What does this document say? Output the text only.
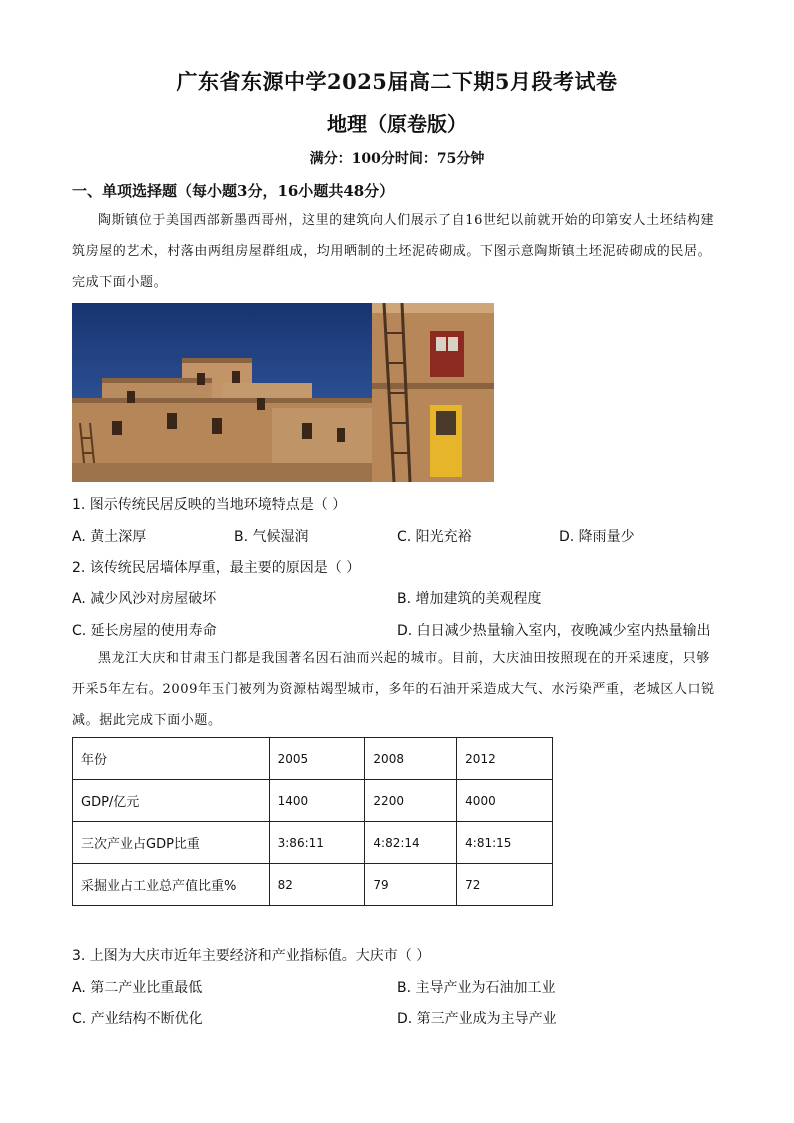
广东省东源中学2025届高二下期5月段考试卷
地理（原卷版）
满分：100分时间：75分钟
一、单项选择题（每小题3分，16小题共48分）
陶斯镇位于美国西部新墨西哥州，这里的建筑向人们展示了自16世纪以前就开始的印第安人土坯结构建筑房屋的艺术，村落由两组房屋群组成，均用晒制的土坯泥砖砌成。下图示意陶斯镇土坯泥砖砌成的民居。完成下面小题。
1. 图示传统民居反映的当地环境特点是（ ）
A. 黄土深厚	B. 气候湿润	C. 阳光充裕	D. 降雨量少
2. 该传统民居墙体厚重，最主要的原因是（ ）
A. 减少风沙对房屋破坏	B. 增加建筑的美观程度
C. 延长房屋的使用寿命	D. 白日减少热量输入室内，夜晚减少室内热量输出
黑龙江大庆和甘肃玉门都是我国著名因石油而兴起的城市。目前，大庆油田按照现在的开采速度，只够开采5年左右。2009年玉门被列为资源枯竭型城市，多年的石油开采造成大气、水污染严重，老城区人口锐减。据此完成下面小题。
年份	2005	2008	2012
GDP/亿元	1400	2200	4000
三次产业占GDP比重	3:86:11	4:82:14	4:81:15
采掘业占工业总产值比重%	82	79	72
3. 上图为大庆市近年主要经济和产业指标值。大庆市（ ）
A. 第二产业比重最低	B. 主导产业为石油加工业
C. 产业结构不断优化	D. 第三产业成为主导产业
